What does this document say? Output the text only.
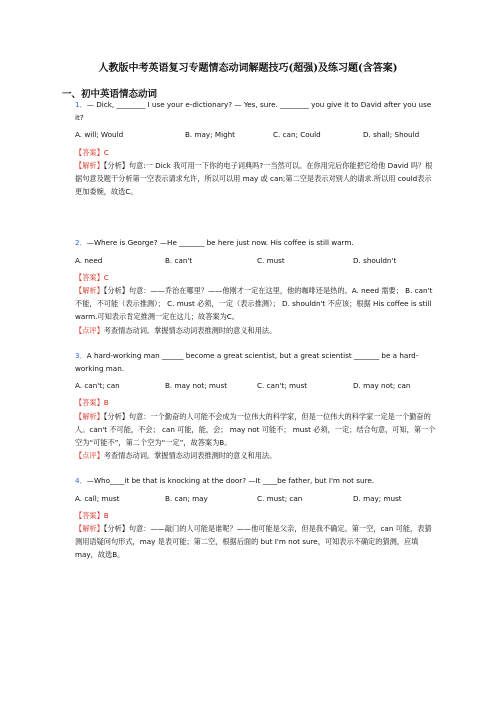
人教版中考英语复习专题情态动词解题技巧(超强)及练习题(含答案)
一、初中英语情态动词

1．— Dick, ________ I use your e-dictionary? — Yes, sure. ________ you give it to David after you use it?

A. will; Would	B. may; Might	C. can; Could	D. shall; Should
【答案】C

【解析】【分析】句意:一 Dick 我可用一下你的电子词典吗?一当然可以。在你用完后你能把它给他 David 吗？根据句意及题干分析第一空表示请求允许，所以可以用 may 或 can;第二空是表示对别人的请求.所以用 could表示更加委婉，故选C。

2．—Where is George? —He _______ be here just now. His coffee is still warm.

A. need	B. can't	C. must	D. shouldn't
【答案】C

【解析】【分析】句意：——乔治在哪里？——他刚才一定在这里，他的咖啡还是热的。A. need 需要； B. can't 不能，不可能（表示推测）； C. must 必须，一定（表示推测）； D. shouldn't 不应该；根据 His coffee is still warm.可知表示肯定推测一定在这儿；故答案为C。

【点评】考查情态动词。掌握情态动词表推测时的意义和用法。

3．A hard-working man ______ become a great scientist, but a great scientist _______ be a hard-working man.

A. can't; can	B. may not; must	C. can't; must	D. may not; can
【答案】B

【解析】【分析】句意：一个勤奋的人可能不会成为一位伟大的科学家，但是一位伟大的科学家一定是一个勤奋的人。can't 不可能，不会； can 可能，能，会； may not 可能不； must 必须，一定；结合句意，可知，第一个空为“可能不”，第二个空为“一定”，故答案为B。

【点评】考查情态动词。掌握情态动词表推测时的意义和用法。

4．—Who____it be that is knocking at the door? —It ____be father, but I'm not sure.

A. call; must	B. can; may	C. must; can	D. may; must
【答案】B

【解析】【分析】句意：——敲门的人可能是谁呢？——他可能是父亲，但是我不确定。第一空，can 可能，表猜测用语疑问句形式，may 是表可能；第二空，根据后面的 but I'm not sure，可知表示不确定的猜测，应填 may，故选B。
